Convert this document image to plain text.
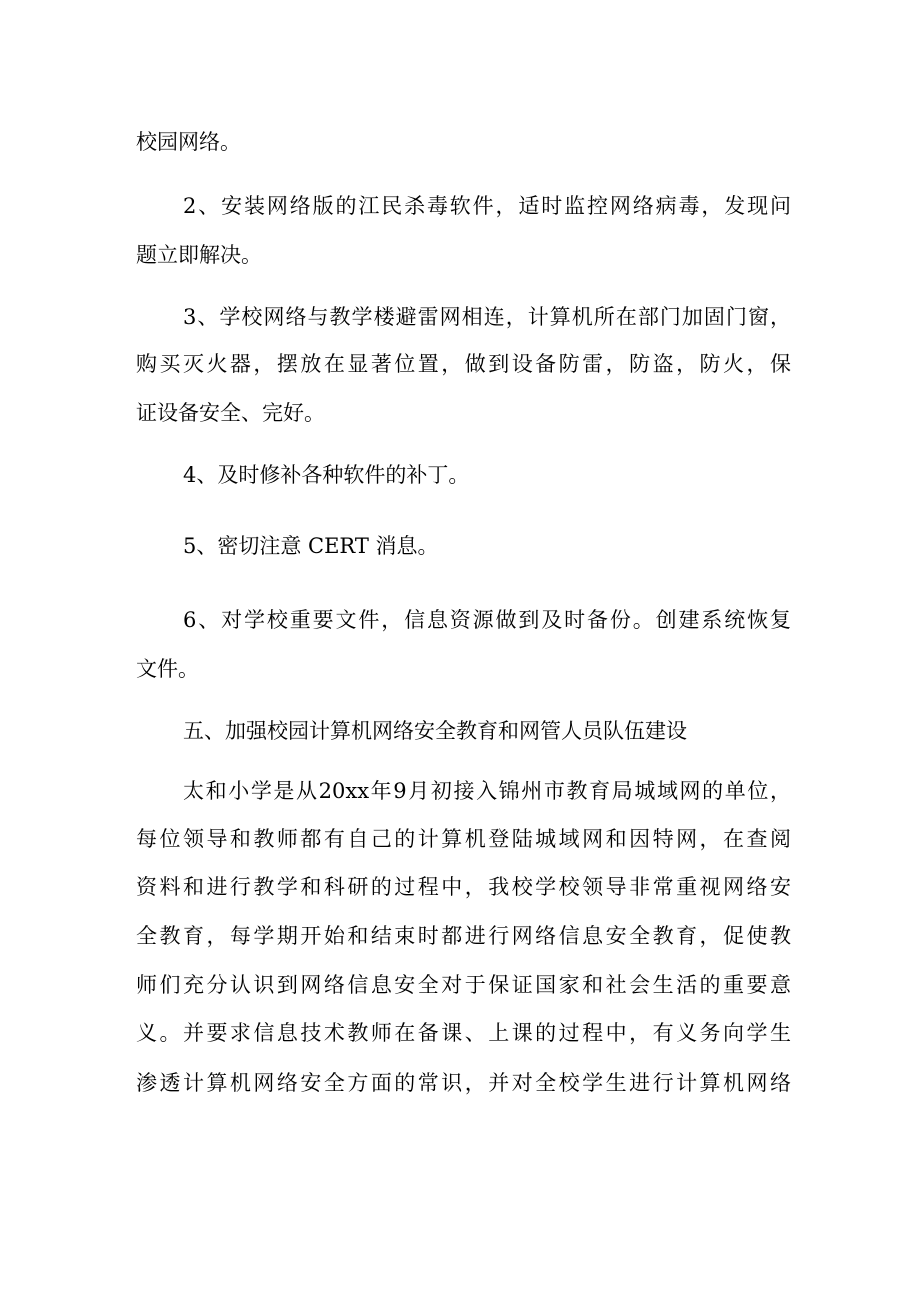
校园网络。
2、安装网络版的江民杀毒软件，适时监控网络病毒，发现问
题立即解决。
3、学校网络与教学楼避雷网相连，计算机所在部门加固门窗，
购买灭火器，摆放在显著位置，做到设备防雷，防盗，防火，保
证设备安全、完好。
4、及时修补各种软件的补丁。
5、密切注意 CERT 消息。
6、对学校重要文件，信息资源做到及时备份。创建系统恢复
文件。
五、加强校园计算机网络安全教育和网管人员队伍建设
太和小学是从20xx年9月初接入锦州市教育局城域网的单位，
每位领导和教师都有自己的计算机登陆城域网和因特网，在查阅
资料和进行教学和科研的过程中，我校学校领导非常重视网络安
全教育，每学期开始和结束时都进行网络信息安全教育，促使教
师们充分认识到网络信息安全对于保证国家和社会生活的重要意
义。并要求信息技术教师在备课、上课的过程中，有义务向学生
渗透计算机网络安全方面的常识，并对全校学生进行计算机网络
